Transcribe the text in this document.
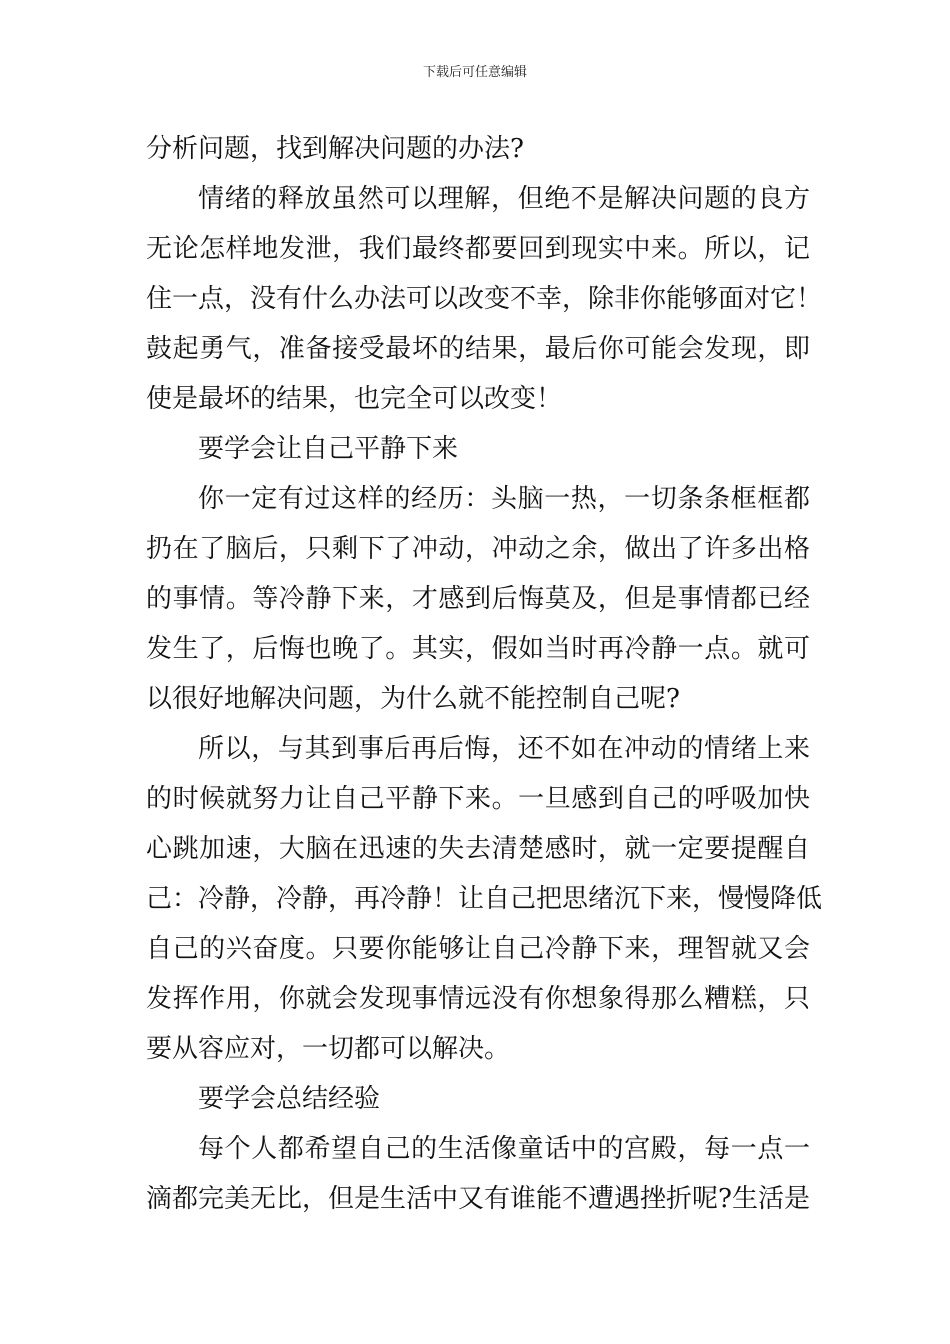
下载后可任意编辑
分析问题，找到解决问题的办法?
情绪的释放虽然可以理解，但绝不是解决问题的良方
无论怎样地发泄，我们最终都要回到现实中来。所以，记
住一点，没有什么办法可以改变不幸，除非你能够面对它！
鼓起勇气，准备接受最坏的结果，最后你可能会发现，即
使是最坏的结果，也完全可以改变！
要学会让自己平静下来
你一定有过这样的经历：头脑一热，一切条条框框都
扔在了脑后，只剩下了冲动，冲动之余，做出了许多出格
的事情。等冷静下来，才感到后悔莫及，但是事情都已经
发生了，后悔也晚了。其实，假如当时再冷静一点。就可
以很好地解决问题，为什么就不能控制自己呢?
所以，与其到事后再后悔，还不如在冲动的情绪上来
的时候就努力让自己平静下来。一旦感到自己的呼吸加快
心跳加速，大脑在迅速的失去清楚感时，就一定要提醒自
己：冷静，冷静，再冷静！让自己把思绪沉下来，慢慢降低
自己的兴奋度。只要你能够让自己冷静下来，理智就又会
发挥作用，你就会发现事情远没有你想象得那么糟糕，只
要从容应对，一切都可以解决。
要学会总结经验
每个人都希望自己的生活像童话中的宫殿，每一点一
滴都完美无比，但是生活中又有谁能不遭遇挫折呢?生活是
